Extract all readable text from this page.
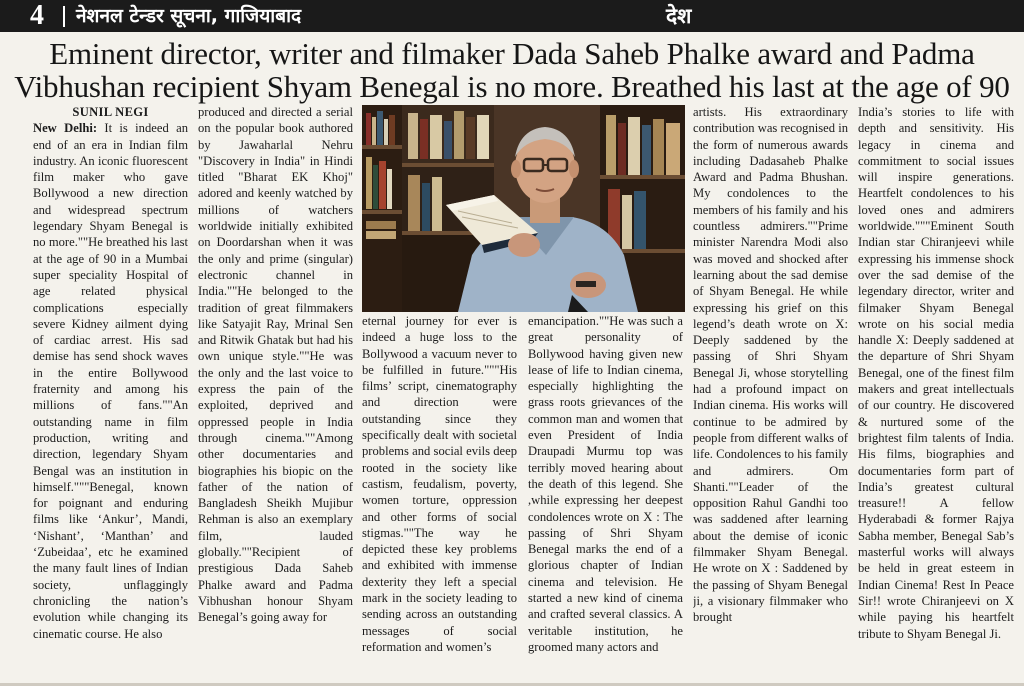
4 नेशनल टेन्डर सूचना, गाजियाबाद	देश
Eminent director, writer and filmaker Dada Saheb Phalke award and Padma Vibhushan recipient Shyam Benegal is no more. Breathed his last at the age of 90
SUNIL NEGI
New Delhi: It is indeed an end of an era in Indian film industry. An iconic fluorescent film maker who gave Bollywood a new direction and widespread spectrum legendary Shyam Benegal is no more.""He breathed his last at the age of 90 in a Mumbai super speciality Hospital of age related physical complications especially severe Kidney ailment dying of cardiac arrest. His sad demise has send shock waves in the entire Bollywood fraternity and among his millions of fans.""An outstanding name in film production, writing and direction, legendary Shyam Bengal was an institution in himself."""Benegal, known for poignant and enduring films like ‘Ankur’, Mandi, ‘Nishant’, ‘Manthan’ and ‘Zubeidaa’, etc he examined the many fault lines of Indian society, unflaggingly chronicling the nation’s evolution while changing its cinematic course. He also
produced and directed a serial on the popular book authored by Jawaharlal Nehru "Discovery in India" in Hindi titled "Bharat EK Khoj" adored and keenly watched by millions of watchers worldwide initially exhibited on Doordarshan when it was the only and prime (singular) electronic channel in India.""He belonged to the tradition of great filmmakers like Satyajit Ray, Mrinal Sen and Ritwik Ghatak but had his own unique style.""He was the only and the last voice to express the pain of the exploited, deprived and oppressed people in India through cinema.""Among other documentaries and biographies his biopic on the father of the nation of Bangladesh Sheikh Mujibur Rehman is also an exemplary film, lauded globally.""Recipient of prestigious Dada Saheb Phalke award and Padma Vibhushan honour Shyam Benegal’s going away for
eternal journey for ever is indeed a huge loss to the Bollywood a vacuum never to be fulfilled in future."""His films’ script, cinematography and direction were outstanding since they specifically dealt with societal problems and social evils deep rooted in the society like castism, feudalism, poverty, women torture, oppression and other forms of social stigmas.""The way he depicted these key problems and exhibited with immense dexterity they left a special mark in the society leading to sending across an outstanding messages of social reformation and women’s
emancipation.""He was such a great personality of Bollywood having given new lease of life to Indian cinema, especially highlighting the grass roots grievances of the common man and women that even President of India Draupadi Murmu top was terribly moved hearing about the death of this legend. She ,while expressing her deepest condolences wrote on X : The passing of Shri Shyam Benegal marks the end of a glorious chapter of Indian cinema and television. He started a new kind of cinema and crafted several classics. A veritable institution, he groomed many actors and
artists. His extraordinary contribution was recognised in the form of numerous awards including Dadasaheb Phalke Award and Padma Bhushan. My condolences to the members of his family and his countless admirers.""Prime minister Narendra Modi also was moved and shocked after learning about the sad demise of Shyam Benegal. He while expressing his grief on this legend’s death wrote on X: Deeply saddened by the passing of Shri Shyam Benegal Ji, whose storytelling had a profound impact on Indian cinema. His works will continue to be admired by people from different walks of life. Condolences to his family and admirers. Om Shanti.""Leader of the opposition Rahul Gandhi too was saddened after learning about the demise of iconic filmmaker Shyam Benegal. He wrote on X : Saddened by the passing of Shyam Benegal ji, a visionary filmmaker who brought
India’s stories to life with depth and sensitivity. His legacy in cinema and commitment to social issues will inspire generations. Heartfelt condolences to his loved ones and admirers worldwide."""Eminent South Indian star Chiranjeevi while expressing his immense shock over the sad demise of the legendary director, writer and filmaker Shyam Benegal wrote on his social media handle X: Deeply saddened at the departure of Shri Shyam Benegal, one of the finest film makers and great intellectuals of our country. He discovered & nurtured some of the brightest film talents of India. His films, biographies and documentaries form part of India’s greatest cultural treasure!! A fellow Hyderabadi & former Rajya Sabha member, Benegal Sab’s masterful works will always be held in great esteem in Indian Cinema! Rest In Peace Sir!! wrote Chiranjeevi on X while paying his heartfelt tribute to Shyam Benegal Ji.
